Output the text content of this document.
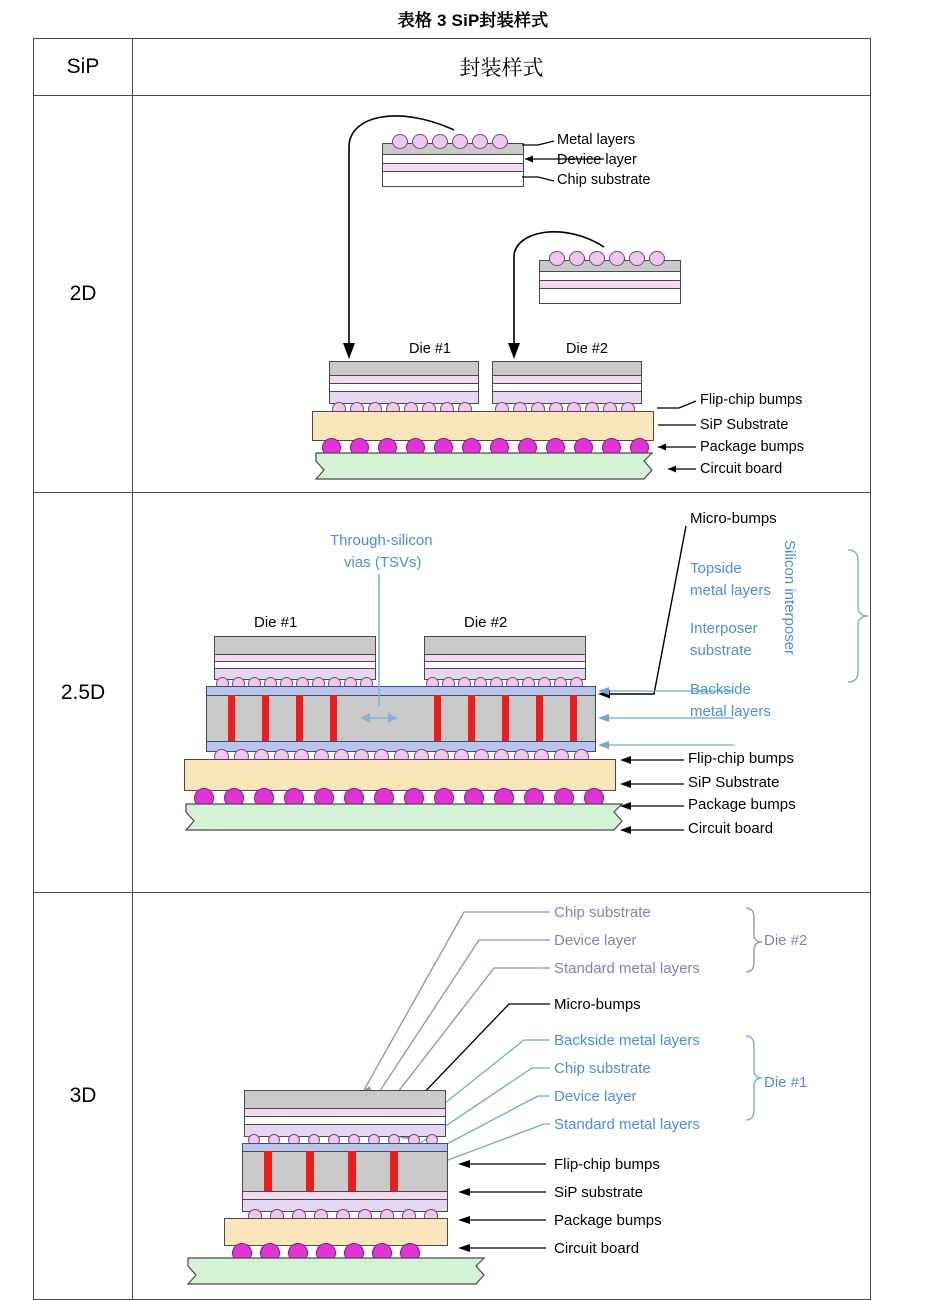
表格 3 SiP封装样式
SiP	封装样式
2D	
Metal layers
Device layer
Chip substrate
Die #1	Die #2
Flip-chip bumps
SiP Substrate
Package bumps
Circuit board

2.5D	
Through-silicon
vias (TSVs)
Die #1	Die #2
Micro-bumps
Topside
metal layers
Interposer
substrate
Backside
metal layers
Silicon interposer
Flip-chip bumps
SiP Substrate
Package bumps
Circuit board

3D	
Chip substrate
Device layer
Standard metal layers
Die #2
Micro-bumps
Backside metal layers
Chip substrate
Device layer
Standard metal layers
Die #1
Flip-chip bumps
SiP substrate
Package bumps
Circuit board
